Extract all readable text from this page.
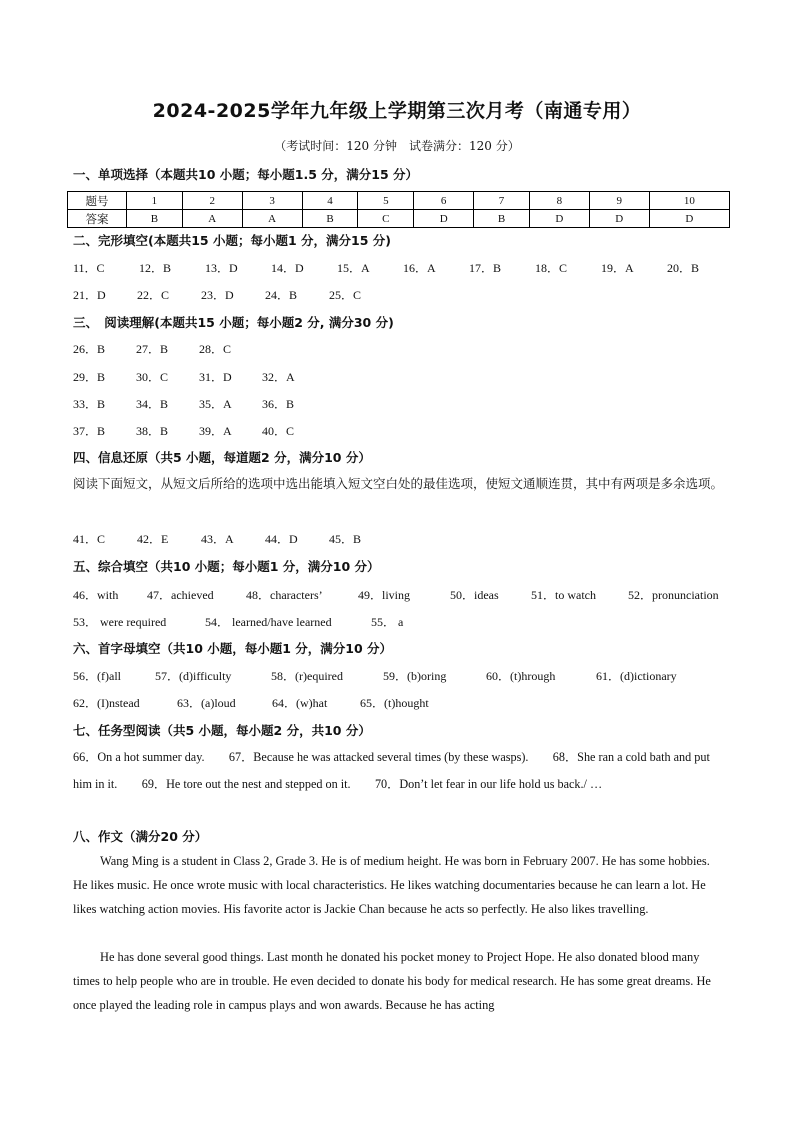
2024-2025学年九年级上学期第三次月考（南通专用）
（考试时间：120 分钟　试卷满分：120 分）
一、单项选择（本题共10 小题；每小题1.5 分，满分15 分）
题号	1	2	3	4	5	6	7	8	9	10
答案	B	A	A	B	C	D	B	D	D	D
二、完形填空(本题共15 小题；每小题1 分，满分15 分)
11．C	12．B	13．D	14．D	15．A	16．A	17．B	18．C	19．A	20．B
21．D	22．C	23．D	24．B	25．C
三、　阅读理解(本题共15 小题；每小题2 分, 满分30 分)
26．B	27．B	28．C
29．B	30．C	31．D	32．A
33．B	34．B	35．A	36．B
37．B	38．B	39．A	40．C
四、信息还原（共5 小题，每道题2 分，满分10 分）
阅读下面短文，从短文后所给的选项中选出能填入短文空白处的最佳选项，使短文通顺连贯，其中有两项是多余选项。
41．C	42．E	43．A	44．D	45．B
五、综合填空（共10 小题；每小题1 分，满分10 分）
46．with 47．achieved	48．characters’	49．living	50．ideas	51．to watch	52．pronunciation
53． were required	54． learned/have learned	55． a
六、首字母填空（共10 小题，每小题1 分，满分10 分）
56．(f)all	57．(d)ifficulty	58．(r)equired	59．(b)oring	60．(t)hrough	61．(d)ictionary
62．(I)nstead	63．(a)loud	64．(w)hat	65．(t)hought
七、任务型阅读（共5 小题，每小题2 分，共10 分）
66．On a hot summer day.　　67．Because he was attacked several times (by these wasps).　　68．She ran a cold bath and put him in it.　　69．He tore out the nest and stepped on it.　　70．Don’t let fear in our life hold us back./ …
八、作文（满分20 分）
Wang Ming is a student in Class 2, Grade 3. He is of medium height. He was born in February 2007. He has some hobbies. He likes music. He once wrote music with local characteristics. He likes watching documentaries because he can learn a lot. He likes watching action movies. His favorite actor is Jackie Chan because he acts so perfectly. He also likes travelling.
He has done several good things. Last month he donated his pocket money to Project Hope. He also donated blood many times to help people who are in trouble. He even decided to donate his body for medical research. He has some great dreams. He once played the leading role in campus plays and won awards. Because he has acting
